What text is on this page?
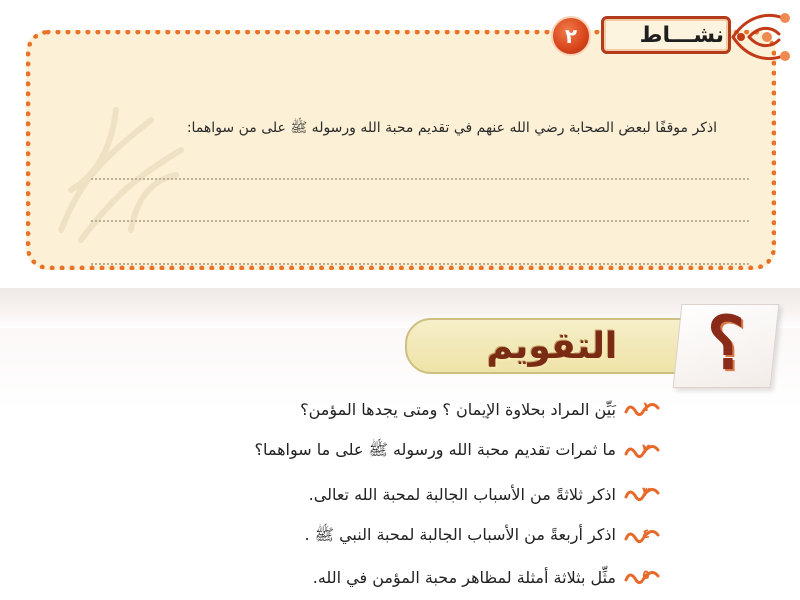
اذكر موقفًا لبعض الصحابة رضي الله عنهم في تقديم محبة الله ورسوله ﷺ على من سواهما:
نشـــاط
٢
التقويم	؟
١
بَيِّن المراد بحلاوة الإيمان ؟ ومتى يجدها المؤمن؟
٢
ما ثمرات تقديم محبة الله ورسوله ﷺ على ما سواهما؟
٣
اذكر ثلاثةً من الأسباب الجالبة لمحبة الله تعالى.
٤
اذكر أربعةً من الأسباب الجالبة لمحبة النبي ﷺ .
٥
مثِّل بثلاثة أمثلة لمظاهر محبة المؤمن في الله.
